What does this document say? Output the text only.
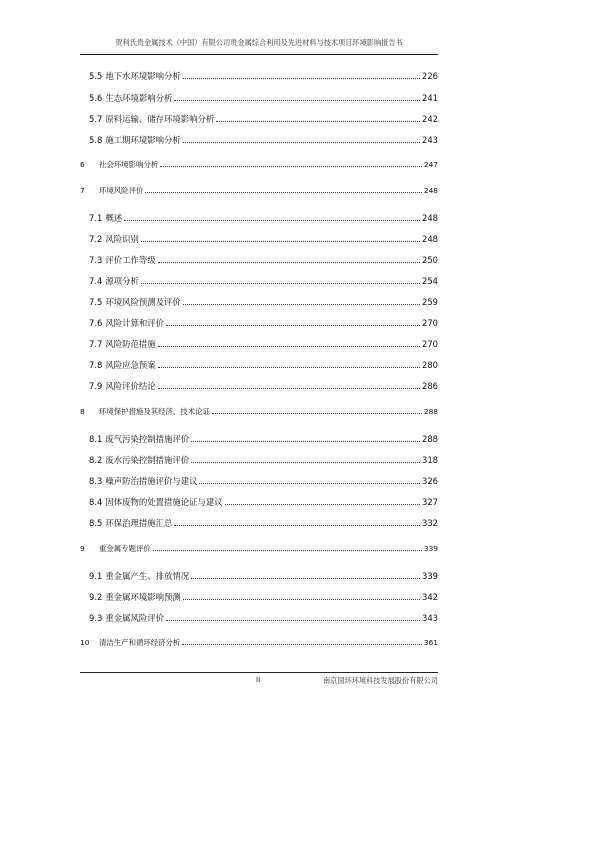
贺利氏贵金属技术（中国）有限公司贵金属综合利用及先进材料与技术项目环境影响报告书
5.5 地下水环境影响分析	226
5.6 生态环境影响分析	241
5.7 原料运输、储存环境影响分析	242
5.8 施工期环境影响分析	243
6	社会环境影响分析	247
7	环境风险评价	248
7.1 概述	248
7.2 风险识别	248
7.3 评价工作等级	250
7.4 源项分析	254
7.5 环境风险预测及评价	259
7.6 风险计算和评价	270
7.7 风险防范措施	270
7.8 风险应急预案	280
7.9 风险评价结论	286
8	环境保护措施及其经济、技术论证	288
8.1 废气污染控制措施评价	288
8.2 废水污染控制措施评价	318
8.3 噪声防治措施评价与建议	326
8.4 固体废物的处置措施论证与建议	327
8.5 环保治理措施汇总	332
9	重金属专题评价	339
9.1 重金属产生、排放情况	339
9.2 重金属环境影响预测	342
9.3 重金属风险评价	343
10	清洁生产和循环经济分析	361
II	南京国环环境科技发展股份有限公司
